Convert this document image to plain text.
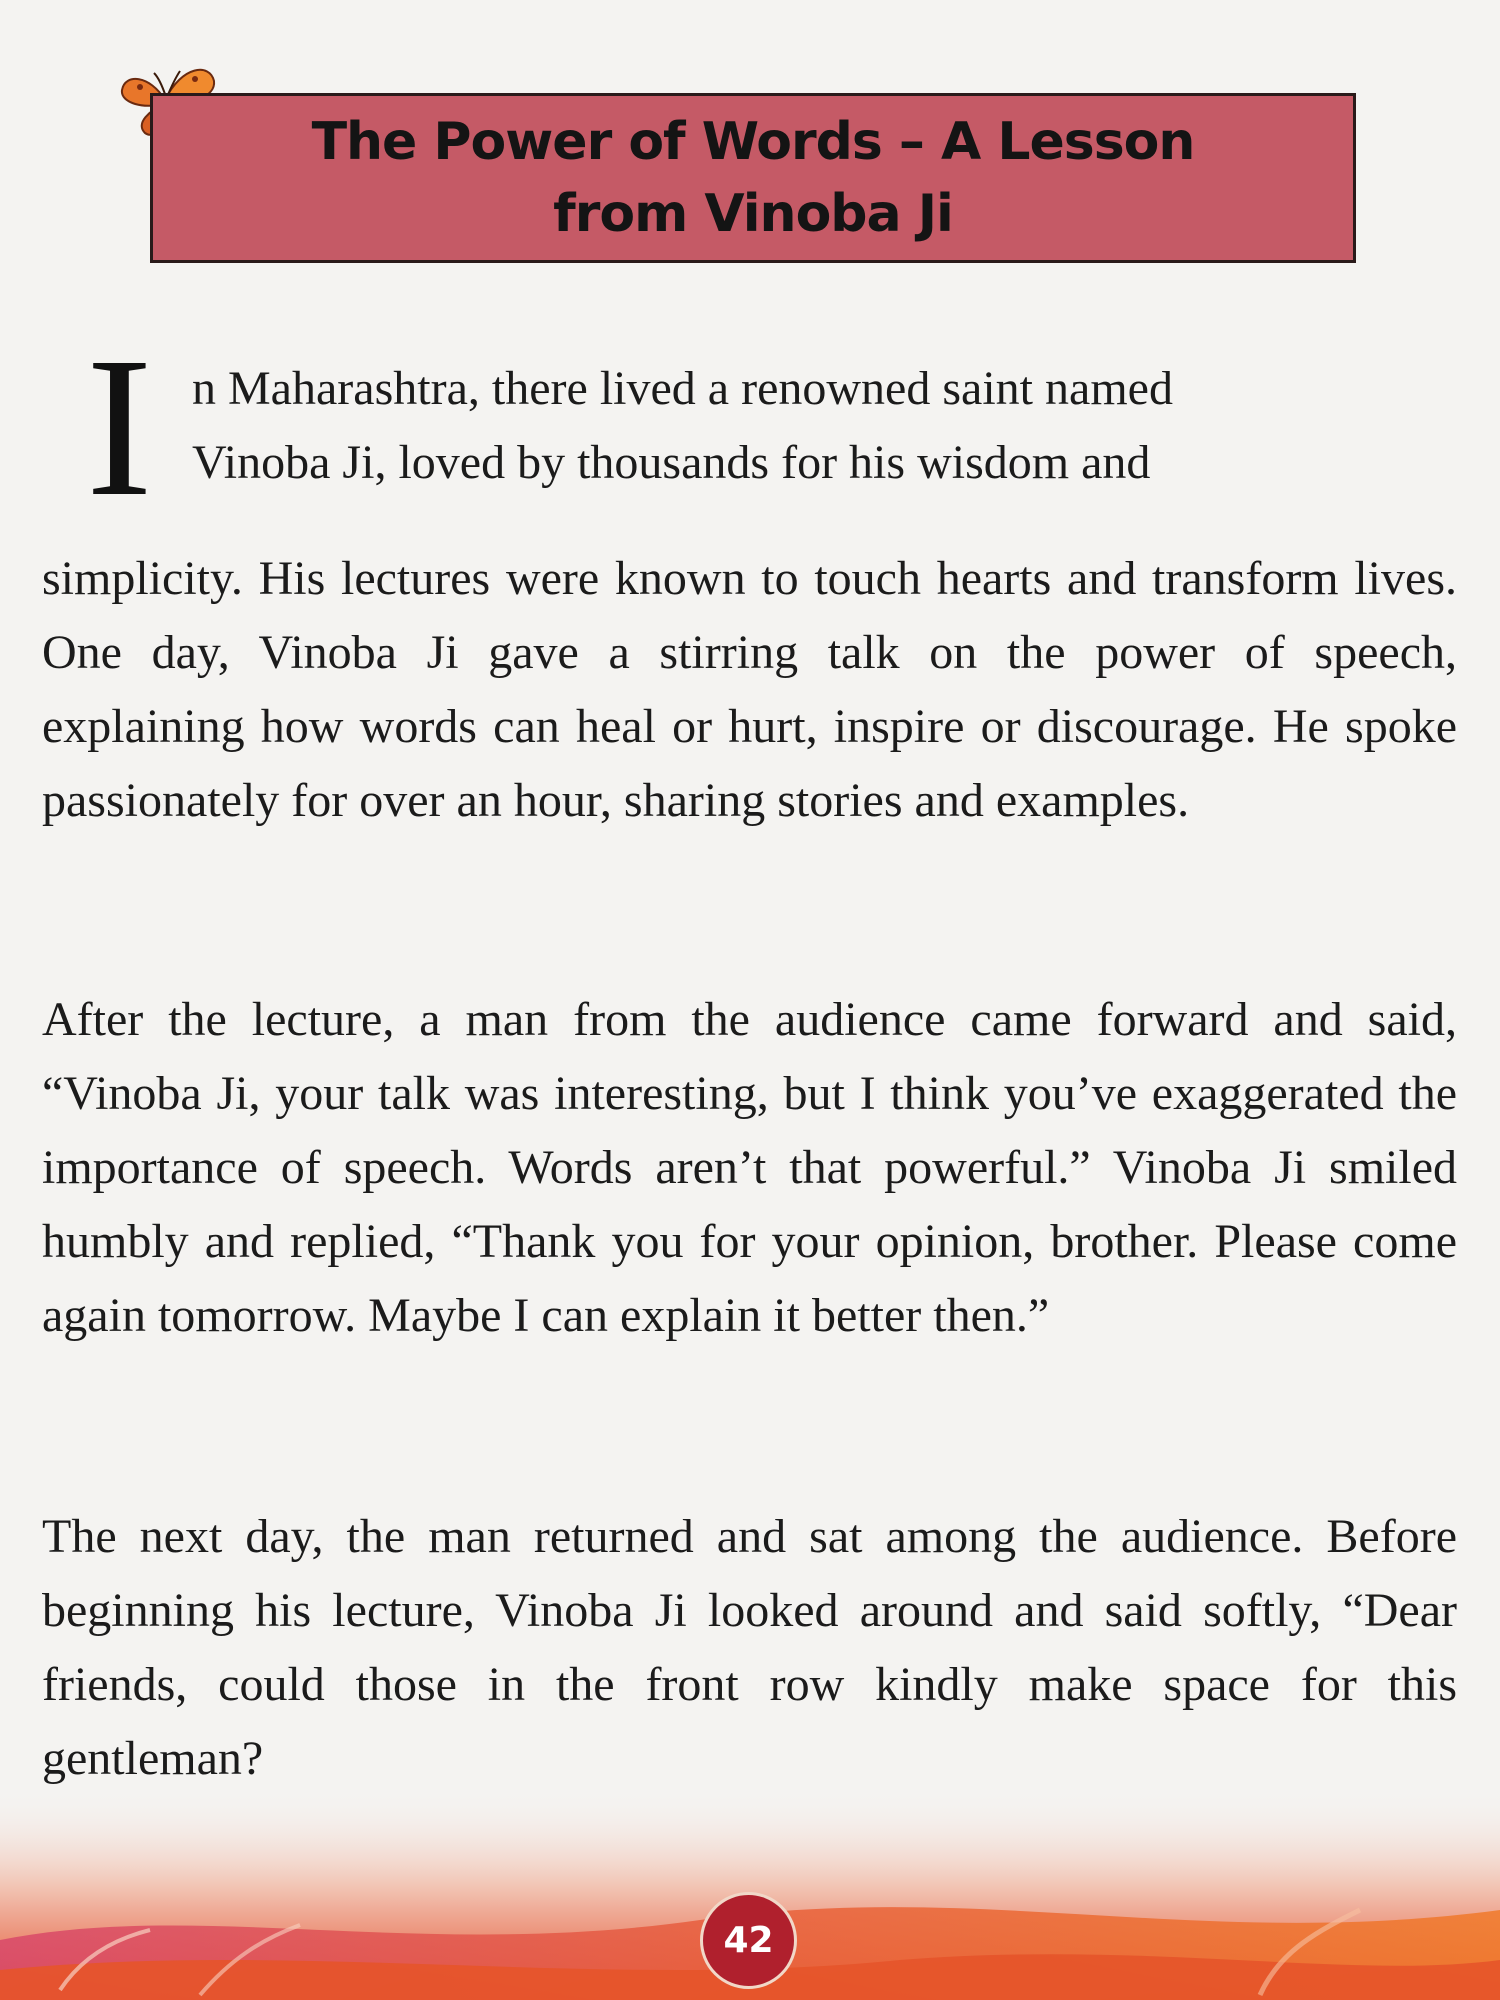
The Power of Words – A Lesson
from Vinoba Ji
I n Maharashtra, there lived a renowned saint named
Vinoba Ji, loved by thousands for his wisdom and

simplicity. His lectures were known to touch hearts and transform lives. One day, Vinoba Ji gave a stirring talk on the power of speech, explaining how words can heal or hurt, inspire or discourage. He spoke passionately for over an hour, sharing stories and examples.

After the lecture, a man from the audience came forward and said, “Vinoba Ji, your talk was interesting, but I think you’ve exaggerated the importance of speech. Words aren’t that powerful.” Vinoba Ji smiled humbly and replied, “Thank you for your opinion, brother. Please come again tomorrow. Maybe I can explain it better then.”

The next day, the man returned and sat among the audience. Before beginning his lecture, Vinoba Ji looked around and said softly, “Dear friends, could those in the front row kindly make space for this gentleman?

42
